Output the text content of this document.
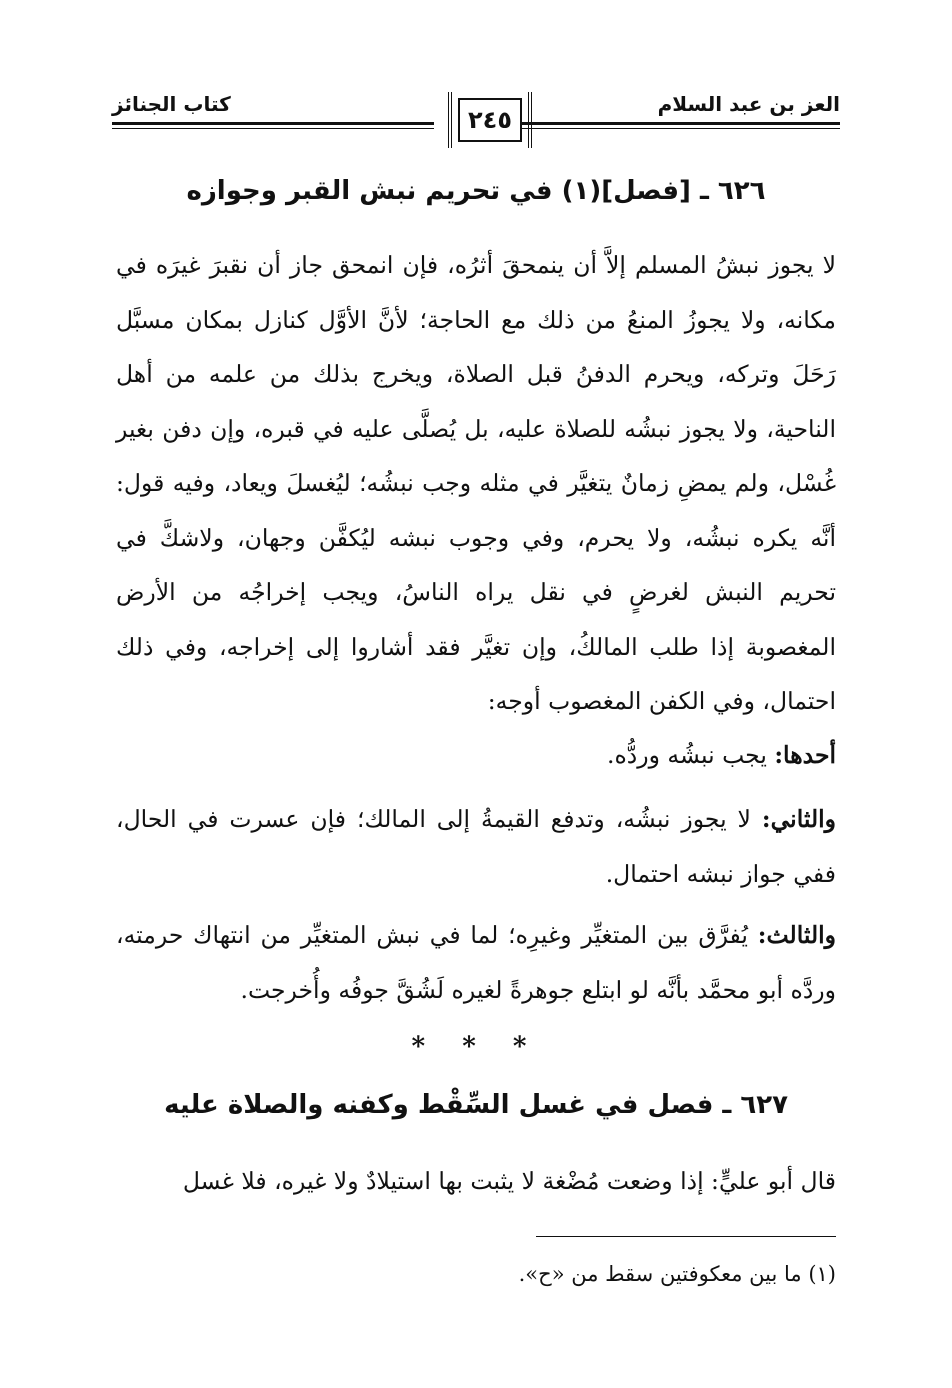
العز بن عبد السلام
كتاب الجنائز
٢٤٥
٦٢٦ ـ [فصل](١) في تحريم نبش القبر وجوازه
لا يجوز نبشُ المسلم إلاَّ أن ينمحقَ أثرُه، فإن انمحق جاز أن نقبرَ غيرَه في مكانه، ولا يجوزُ المنعُ من ذلك مع الحاجة؛ لأنَّ الأوَّل كنازل بمكان مسبَّل رَحَلَ وتركه، ويحرم الدفنُ قبل الصلاة، ويخرج بذلك من علمه من أهل الناحية، ولا يجوز نبشُه للصلاة عليه، بل يُصلَّى عليه في قبره، وإن دفن بغير غُسْل، ولم يمضِ زمانٌ يتغيَّر في مثله وجب نبشُه؛ ليُغسلَ ويعاد، وفيه قول: أنَّه يكره نبشُه، ولا يحرم، وفي وجوب نبشه ليُكفَّن وجهان، ولاشكَّ في تحريم النبش لغرضٍ في نقل يراه الناسُ، ويجب إخراجُه من الأرض المغصوبة إذا طلب المالكُ، وإن تغيَّر فقد أشاروا إلى إخراجه، وفي ذلك احتمال، وفي الكفن المغصوب أوجه:
أحدها: يجب نبشُه وردُّه.
والثاني: لا يجوز نبشُه، وتدفع القيمةُ إلى المالك؛ فإن عسرت في الحال، ففي جواز نبشه احتمال.
والثالث: يُفرَّق بين المتغيِّر وغيرِه؛ لما في نبش المتغيِّر من انتهاك حرمته، وردَّه أبو محمَّد بأنَّه لو ابتلع جوهرةً لغيره لَشُقَّ جوفُه وأُخرجت.
* * *
٦٢٧ ـ فصل في غسل السِّقْط وكفنه والصلاة عليه
قال أبو عليٍّ: إذا وضعت مُضْغة لا يثبت بها استيلادٌ ولا غيره، فلا غسل
(١) ما بين معكوفتين سقط من «ح».
